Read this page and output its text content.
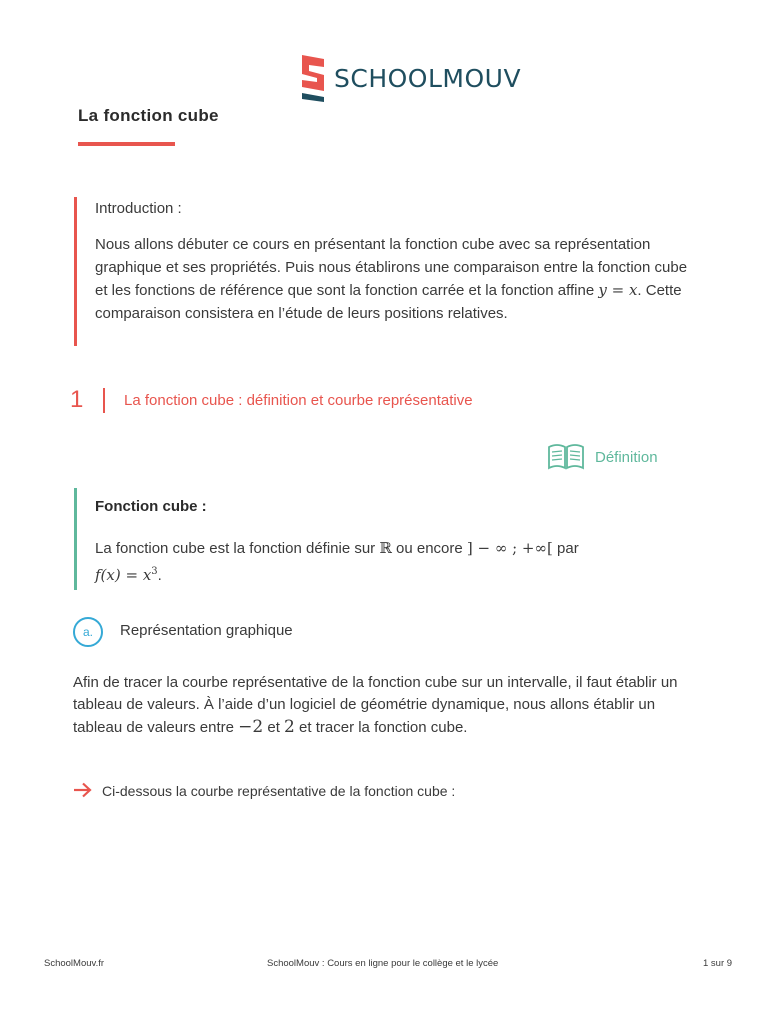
SCHOOLMOUV
La fonction cube
Introduction :
Nous allons débuter ce cours en présentant la fonction cube avec sa représentation graphique et ses propriétés. Puis nous établirons une comparaison entre la fonction cube et les fonctions de référence que sont la fonction carrée et la fonction affine y = x. Cette comparaison consistera en l’étude de leurs positions relatives.
1	La fonction cube : définition et courbe représentative
Définition
Fonction cube :
La fonction cube est la fonction définie sur ℝ ou encore ] − ∞ ; +∞[ par
$f(x) = x^3$.
a. Représentation graphique
Afin de tracer la courbe représentative de la fonction cube sur un intervalle, il faut établir un tableau de valeurs. À l’aide d’un logiciel de géométrie dynamique, nous allons établir un tableau de valeurs entre −2 et 2 et tracer la fonction cube.
Ci-dessous la courbe représentative de la fonction cube :
SchoolMouv.fr	SchoolMouv : Cours en ligne pour le collège et le lycée	1 sur 9
